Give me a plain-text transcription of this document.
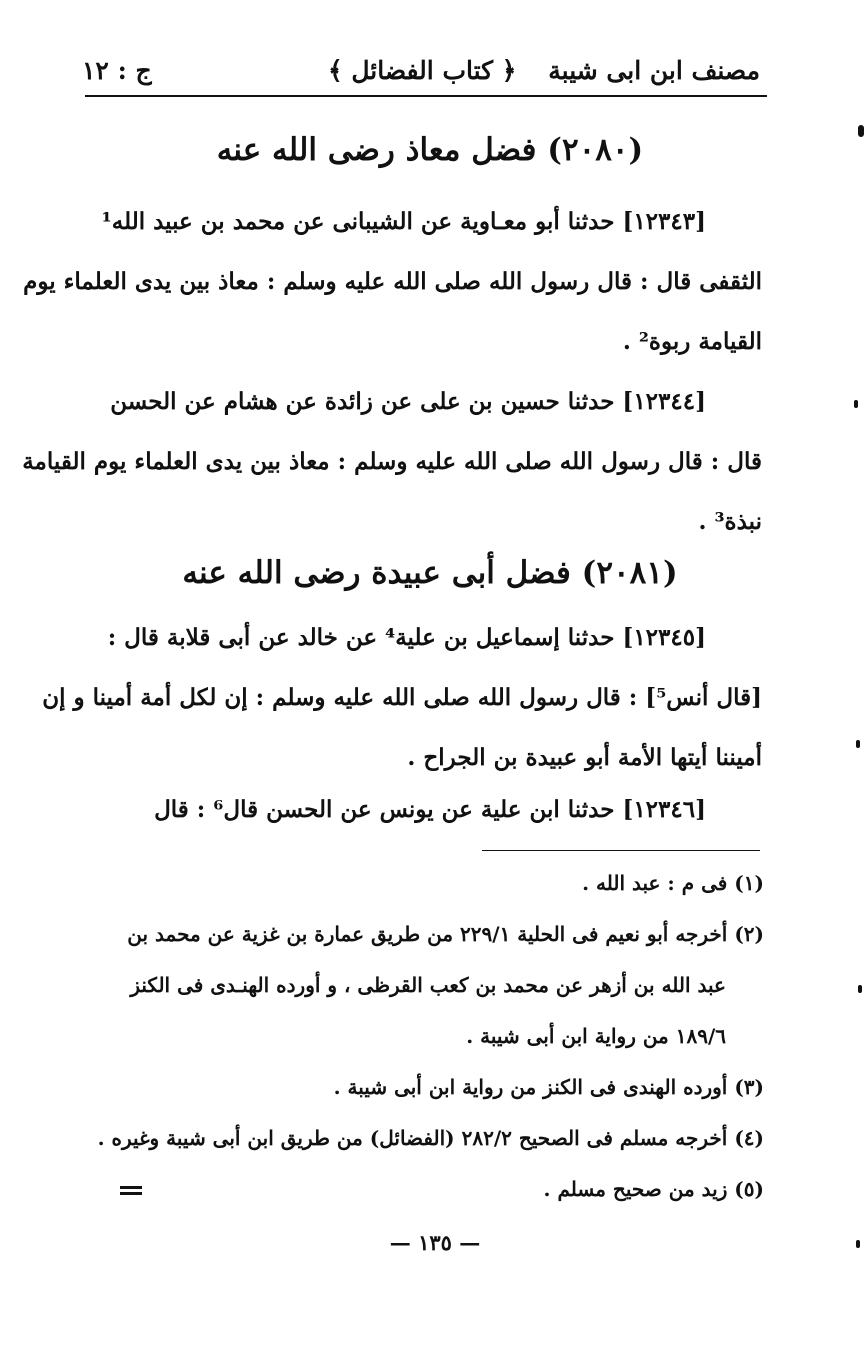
مصنف ابن ابى شيبة
﴿ كتاب الفضائل ﴾
ج : ١٢
(٢٠٨٠) فضل معاذ رضى الله عنه
[١٢٣٤٣] حدثنا أبو معـاوية عن الشيبانى عن محمد بن عبيد الله¹
الثقفى قال : قال رسول الله صلى الله عليه وسلم : معاذ بين يدى العلماء يوم
القيامة ربوة² .
[١٢٣٤٤] حدثنا حسين بن على عن زائدة عن هشام عن الحسن
قال : قال رسول الله صلى الله عليه وسلم : معاذ بين يدى العلماء يوم القيامة
نبذة³ .
(٢٠٨١) فضل أبى عبيدة رضى الله عنه
[١٢٣٤٥] حدثنا إسماعيل بن علية⁴ عن خالد عن أبى قلابة قال :
[قال أنس⁵] : قال رسول الله صلى الله عليه وسلم : إن لكل أمة أمينا و إن
أميننا أيتها الأمة أبو عبيدة بن الجراح .
[١٢٣٤٦] حدثنا ابن علية عن يونس عن الحسن قال⁶ : قال
(١) فى م : عبد الله .
(٢) أخرجه أبو نعيم فى الحلية ٢٢٩/١ من طريق عمارة بن غزية عن محمد بن
عبد الله بن أزهر عن محمد بن كعب القرظى ، و أورده الهنـدى فى الكنز
١٨٩/٦ من رواية ابن أبى شيبة .
(٣) أورده الهندى فى الكنز من رواية ابن أبى شيبة .
(٤) أخرجه مسلم فى الصحيح ٢٨٢/٢ (الفضائل) من طريق ابن أبى شيبة وغيره .
(٥) زيد من صحيح مسلم .
— ١٣٥ —
